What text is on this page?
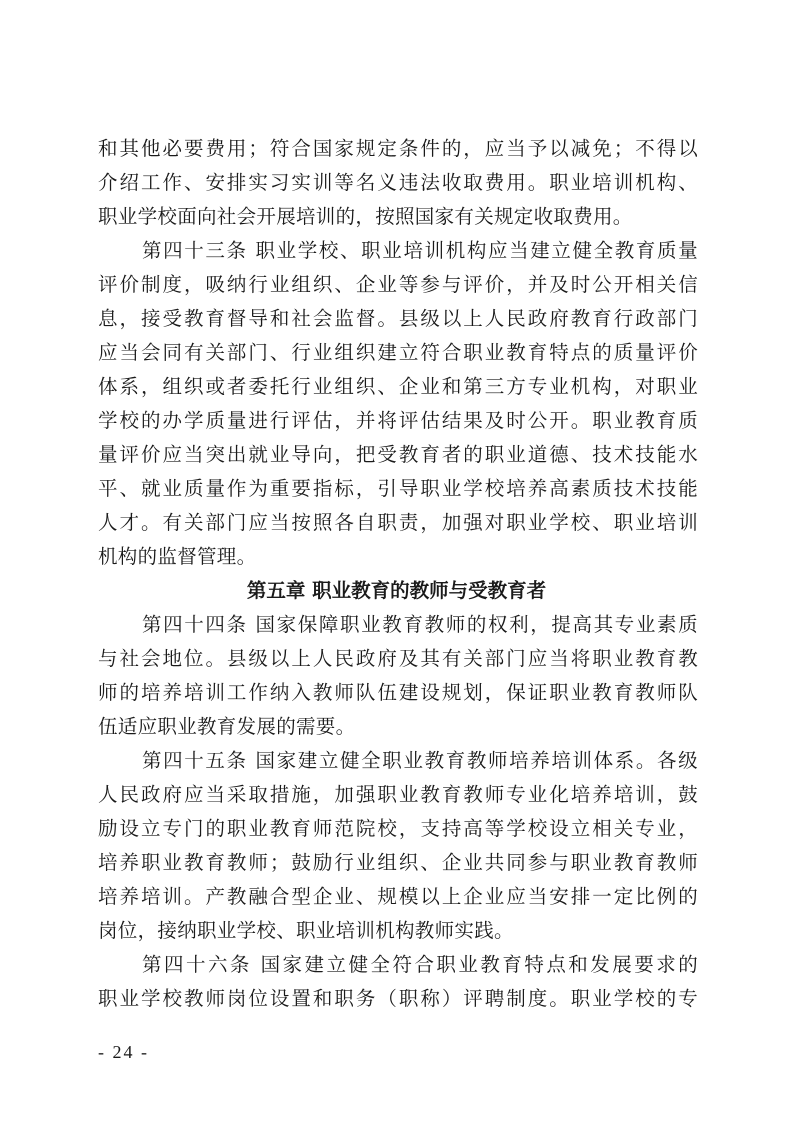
和其他必要费用；符合国家规定条件的，应当予以减免；不得以
介绍工作、安排实习实训等名义违法收取费用。职业培训机构、
职业学校面向社会开展培训的，按照国家有关规定收取费用。
第四十三条 职业学校、职业培训机构应当建立健全教育质量
评价制度，吸纳行业组织、企业等参与评价，并及时公开相关信
息，接受教育督导和社会监督。县级以上人民政府教育行政部门
应当会同有关部门、行业组织建立符合职业教育特点的质量评价
体系，组织或者委托行业组织、企业和第三方专业机构，对职业
学校的办学质量进行评估，并将评估结果及时公开。职业教育质
量评价应当突出就业导向，把受教育者的职业道德、技术技能水
平、就业质量作为重要指标，引导职业学校培养高素质技术技能
人才。有关部门应当按照各自职责，加强对职业学校、职业培训
机构的监督管理。
第五章 职业教育的教师与受教育者
第四十四条 国家保障职业教育教师的权利，提高其专业素质
与社会地位。县级以上人民政府及其有关部门应当将职业教育教
师的培养培训工作纳入教师队伍建设规划，保证职业教育教师队
伍适应职业教育发展的需要。
第四十五条 国家建立健全职业教育教师培养培训体系。各级
人民政府应当采取措施，加强职业教育教师专业化培养培训，鼓
励设立专门的职业教育师范院校，支持高等学校设立相关专业，
培养职业教育教师；鼓励行业组织、企业共同参与职业教育教师
培养培训。产教融合型企业、规模以上企业应当安排一定比例的
岗位，接纳职业学校、职业培训机构教师实践。
第四十六条 国家建立健全符合职业教育特点和发展要求的
职业学校教师岗位设置和职务（职称）评聘制度。职业学校的专
- 24 -
